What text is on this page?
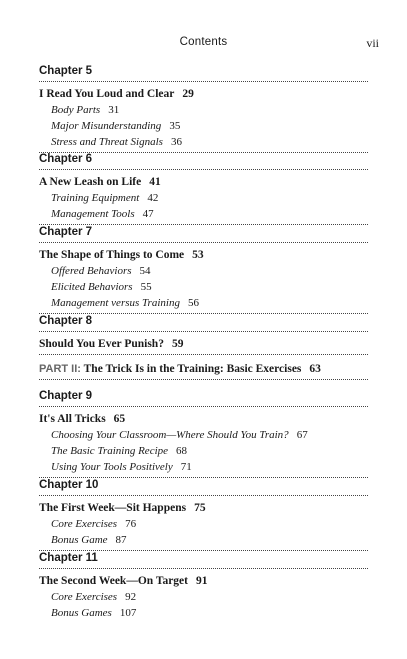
Contents	vii
Chapter 5
I Read You Loud and Clear 29
Body Parts 31
Major Misunderstanding 35
Stress and Threat Signals 36
Chapter 6
A New Leash on Life 41
Training Equipment 42
Management Tools 47
Chapter 7
The Shape of Things to Come 53
Offered Behaviors 54
Elicited Behaviors 55
Management versus Training 56
Chapter 8
Should You Ever Punish? 59
PART II: The Trick Is in the Training: Basic Exercises 63
Chapter 9
It's All Tricks 65
Choosing Your Classroom—Where Should You Train? 67
The Basic Training Recipe 68
Using Your Tools Positively 71
Chapter 10
The First Week—Sit Happens 75
Core Exercises 76
Bonus Game 87
Chapter 11
The Second Week—On Target 91
Core Exercises 92
Bonus Games 107
